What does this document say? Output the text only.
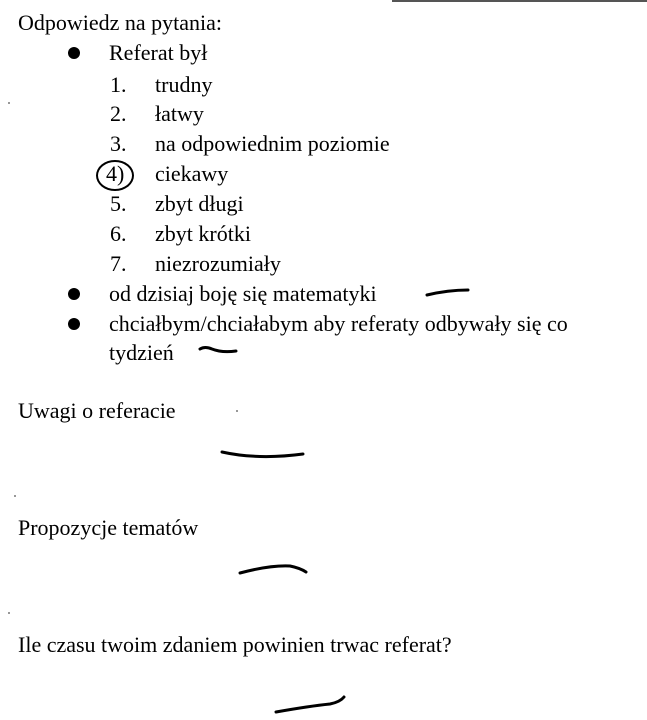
Odpowiedz na pytania:
Referat był
1. trudny
2. łatwy
3. na odpowiednim poziomie
4) ciekawy
5. zbyt długi
6. zbyt krótki
7. niezrozumiały
od dzisiaj boję się matematyki
chciałbym/chciałabym aby referaty odbywały się co
tydzień
Uwagi o referacie
Propozycje tematów
Ile czasu twoim zdaniem powinien trwac referat?
